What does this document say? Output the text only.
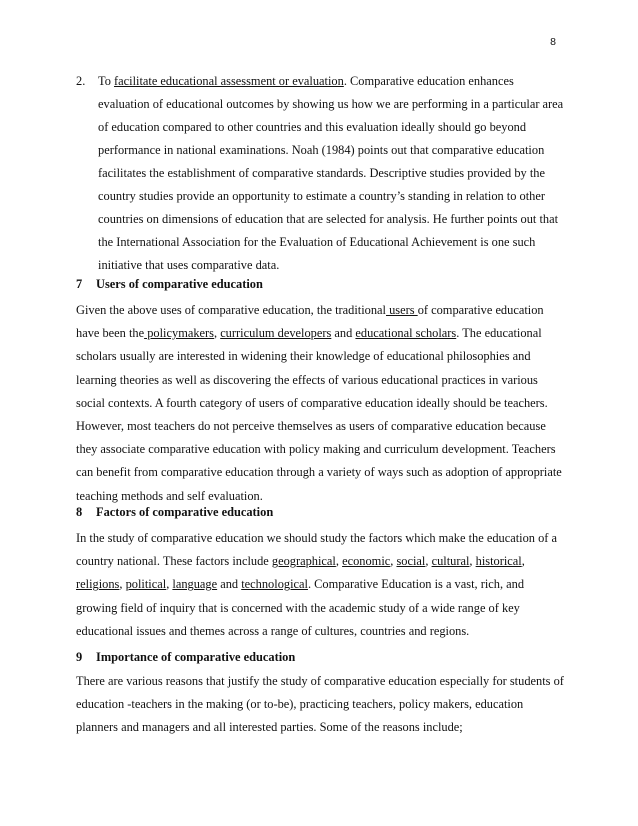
8
2. To facilitate educational assessment or evaluation. Comparative education enhances evaluation of educational outcomes by showing us how we are performing in a particular area of education compared to other countries and this evaluation ideally should go beyond performance in national examinations. Noah (1984) points out that comparative education facilitates the establishment of comparative standards. Descriptive studies provided by the country studies provide an opportunity to estimate a country’s standing in relation to other countries on dimensions of education that are selected for analysis. He further points out that the International Association for the Evaluation of Educational Achievement is one such initiative that uses comparative data.
7 Users of comparative education
Given the above uses of comparative education, the traditional users of comparative education have been the policymakers, curriculum developers and educational scholars. The educational scholars usually are interested in widening their knowledge of educational philosophies and learning theories as well as discovering the effects of various educational practices in various social contexts. A fourth category of users of comparative education ideally should be teachers. However, most teachers do not perceive themselves as users of comparative education because they associate comparative education with policy making and curriculum development. Teachers can benefit from comparative education through a variety of ways such as adoption of appropriate teaching methods and self evaluation.
8 Factors of comparative education
In the study of comparative education we should study the factors which make the education of a country national. These factors include geographical, economic, social, cultural, historical, religions, political, language and technological. Comparative Education is a vast, rich, and growing field of inquiry that is concerned with the academic study of a wide range of key educational issues and themes across a range of cultures, countries and regions.
9 Importance of comparative education
There are various reasons that justify the study of comparative education especially for students of education -teachers in the making (or to-be), practicing teachers, policy makers, education planners and managers and all interested parties. Some of the reasons include;
